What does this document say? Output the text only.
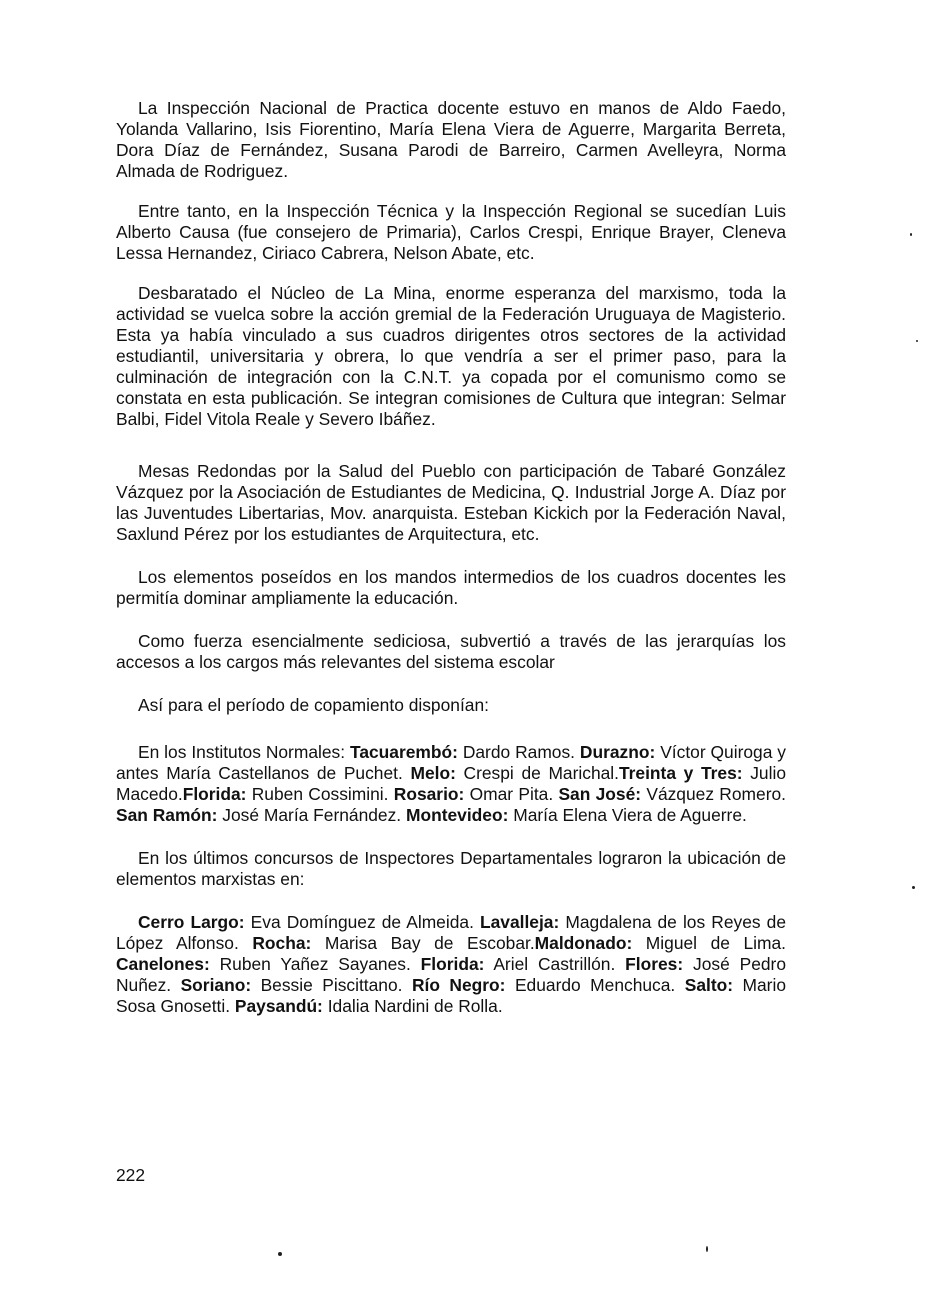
La Inspección Nacional de Practica docente estuvo en manos de Aldo Faedo, Yolanda Vallarino, Isis Fiorentino, María Elena Viera de Aguerre, Margarita Berreta, Dora Díaz de Fernández, Susana Parodi de Barreiro, Carmen Avelleyra, Norma Almada de Rodriguez.

Entre tanto, en la Inspección Técnica y la Inspección Regional se sucedían Luis Alberto Causa (fue consejero de Primaria), Carlos Crespi, Enrique Brayer, Cleneva Lessa Hernandez, Ciriaco Cabrera, Nelson Abate, etc.

Desbaratado el Núcleo de La Mina, enorme esperanza del marxismo, toda la actividad se vuelca sobre la acción gremial de la Federación Uruguaya de Magisterio. Esta ya había vinculado a sus cuadros dirigentes otros sectores de la actividad estudiantil, universitaria y obrera, lo que vendría a ser el primer paso, para la culminación de integración con la C.N.T. ya copada por el comunismo como se constata en esta publicación. Se integran comisiones de Cultura que integran: Selmar Balbi, Fidel Vitola Reale y Severo Ibáñez.

Mesas Redondas por la Salud del Pueblo con participación de Tabaré González Vázquez por la Asociación de Estudiantes de Medicina, Q. Industrial Jorge A. Díaz por las Juventudes Libertarias, Mov. anarquista. Esteban Kickich por la Federación Naval, Saxlund Pérez por los estudiantes de Arquitectura, etc.

Los elementos poseídos en los mandos intermedios de los cuadros docentes les permitía dominar ampliamente la educación.

Como fuerza esencialmente sediciosa, subvertió a través de las jerarquías los accesos a los cargos más relevantes del sistema escolar

Así para el período de copamiento disponían:

En los Institutos Normales: Tacuarembó: Dardo Ramos. Durazno: Víctor Quiroga y antes María Castellanos de Puchet. Melo: Crespi de Marichal.Treinta y Tres: Julio Macedo.Florida: Ruben Cossimini. Rosario: Omar Pita. San José: Vázquez Romero. San Ramón: José María Fernández. Montevideo: María Elena Viera de Aguerre.

En los últimos concursos de Inspectores Departamentales lograron la ubicación de elementos marxistas en:

Cerro Largo: Eva Domínguez de Almeida. Lavalleja: Magdalena de los Reyes de López Alfonso. Rocha: Marisa Bay de Escobar.Maldonado: Miguel de Lima. Canelones: Ruben Yañez Sayanes. Florida: Ariel Castrillón. Flores: José Pedro Nuñez. Soriano: Bessie Piscittano. Río Negro: Eduardo Menchuca. Salto: Mario Sosa Gnosetti. Paysandú: Idalia Nardini de Rolla.

222
